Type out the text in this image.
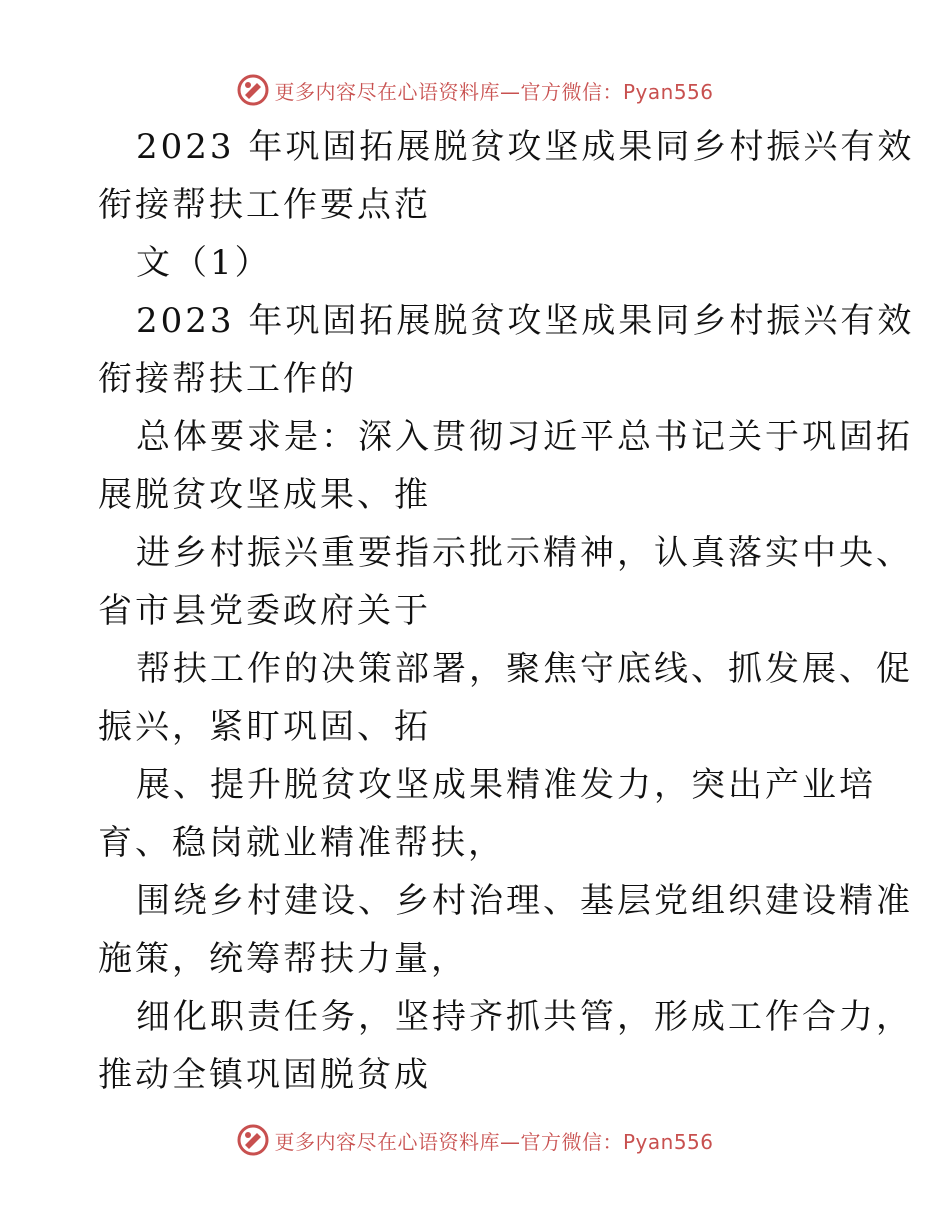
更多内容尽在心语资料库—官方微信：Pyan556
2023 年巩固拓展脱贫攻坚成果同乡村振兴有效
衔接帮扶工作要点范
文（1）
2023 年巩固拓展脱贫攻坚成果同乡村振兴有效
衔接帮扶工作的
总体要求是：深入贯彻习近平总书记关于巩固拓
展脱贫攻坚成果、推
进乡村振兴重要指示批示精神，认真落实中央、
省市县党委政府关于
帮扶工作的决策部署，聚焦守底线、抓发展、促
振兴，紧盯巩固、拓
展、提升脱贫攻坚成果精准发力，突出产业培
育、稳岗就业精准帮扶，
围绕乡村建设、乡村治理、基层党组织建设精准
施策，统筹帮扶力量，
细化职责任务，坚持齐抓共管，形成工作合力，
推动全镇巩固脱贫成
更多内容尽在心语资料库—官方微信：Pyan556
